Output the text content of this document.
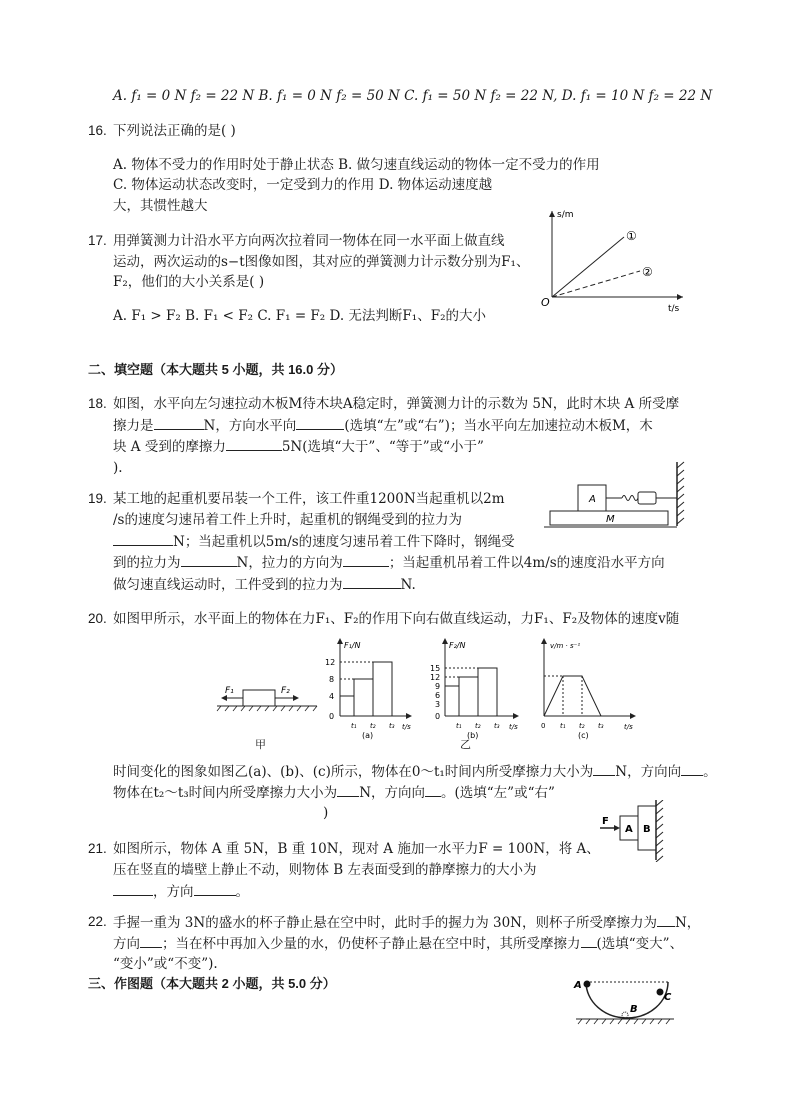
A. f₁ = 0 N f₂ = 22 N B. f₁ = 0 N f₂ = 50 N C. f₁ = 50 N f₂ = 22 N, D. f₁ = 10 N f₂ = 22 N
16. 下列说法正确的是( )
A. 物体不受力的作用时处于静止状态 B. 做匀速直线运动的物体一定不受力的作用
C. 物体运动状态改变时，一定受到力的作用 D. 物体运动速度越
大，其惯性越大
17. 用弹簧测力计沿水平方向两次拉着同一物体在同一水平面上做直线
运动，两次运动的s−t图像如图，其对应的弹簧测力计示数分别为F₁、
F₂，他们的大小关系是( )
A. F₁ > F₂ B. F₁ < F₂ C. F₁ = F₂ D. 无法判断F₁、F₂的大小
s/m
t/s
O
①
②
二、填空题（本大题共 5 小题，共 16.0 分）
18. 如图，水平向左匀速拉动木板M待木块A稳定时，弹簧测力计的示数为 5N，此时木块 A 所受摩
擦力是	N，方向水平向	(选填“左”或“右”)；当水平向左加速拉动木板M，木
块 A 受到的摩擦力	5N(选填“大于”、“等于”或“小于”
).
A
M
19. 某工地的起重机要吊装一个工件，该工件重1200N当起重机以2m
/s的速度匀速吊着工件上升时，起重机的钢绳受到的拉力为
N；当起重机以5m/s的速度匀速吊着工件下降时，钢绳受
到的拉力为	N，拉力的方向为	；当起重机吊着工件以4m/s的速度沿水平方向
做匀速直线运动时，工件受到的拉力为	N.
20. 如图甲所示，水平面上的物体在力F₁、F₂的作用下向右做直线运动，力F₁、F₂及物体的速度v随
F₁	F₂
甲
F₁/N
t/s
12
8
4
0
t₁ t₂ t₃
(a)
F₂/N
t/s
15
12
9
6
3
0
t₁ t₂ t₃
(b)
乙
v/m · s⁻¹
t/s
0 t₁ t₂ t₃
(c)
时间变化的图象如图乙(a)、(b)、(c)所示，物体在0～t₁时间内所受摩擦力大小为 N，方向向 。
物体在t₂～t₃时间内所受摩擦力大小为 N，方向向 。(选填“左”或“右”
)
21. 如图所示，物体 A 重 5N，B 重 10N，现对 A 施加一水平力F = 100N，将 A、
压在竖直的墙壁上静止不动，则物体 B 左表面受到的静摩擦力的大小为
，方向	。
F
A B
22. 手握一重为 3N的盛水的杯子静止悬在空中时，此时手的握力为 30N，则杯子所受摩擦力为 N，
方向 ；当在杯中再加入少量的水，仍使杯子静止悬在空中时，其所受摩擦力 (选填“变大”、
“变小”或“不变”).
三、作图题（本大题共 2 小题，共 5.0 分）	A
B
C
